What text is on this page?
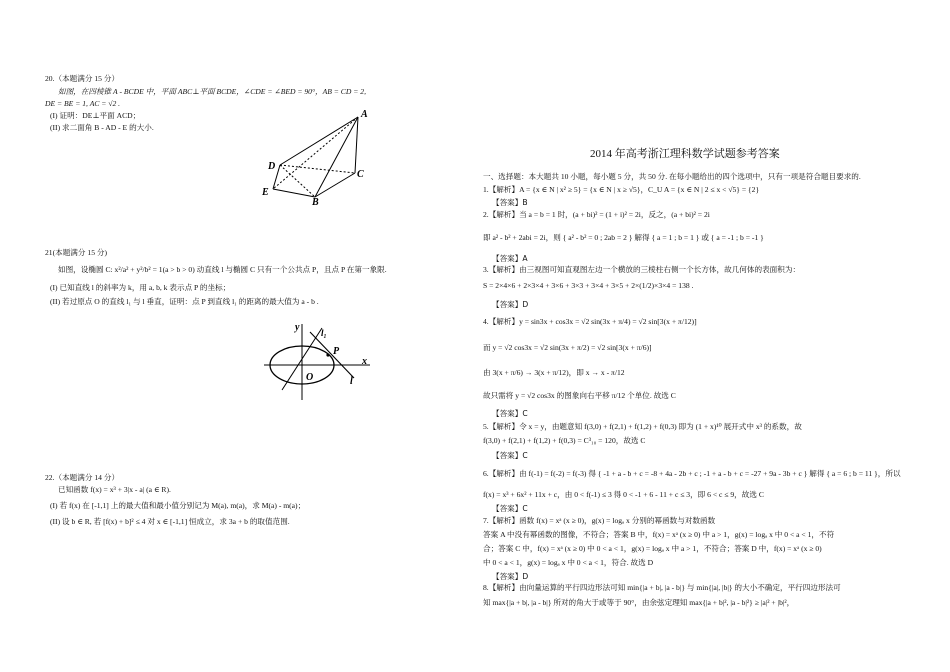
20.（本题满分 15 分）
如图，在四棱锥 A - BCDE 中，平面 ABC⊥平面 BCDE，∠CDE = ∠BED = 90°，AB = CD = 2,
DE = BE = 1, AC = √2 .
(I) 证明：DE⊥平面 ACD；
(II) 求二面角 B - AD - E 的大小.
A
D
C
E
B
21(本题满分 15 分)
如图，设椭圆 C: x²/a² + y²/b² = 1(a > b > 0) 动直线 l 与椭圆 C 只有一个公共点 P，且点 P 在第一象限.
(I) 已知直线 l 的斜率为 k，用 a, b, k 表示点 P 的坐标；
(II) 若过原点 O 的直线 l₁ 与 l 垂直，证明：点 P 到直线 l₁ 的距离的最大值为 a - b .
y l₁
P
x
O	l
22.（本题满分 14 分）
已知函数 f(x) = x³ + 3|x - a| (a ∈ R).
(I) 若 f(x) 在 [-1,1] 上的最大值和最小值分别记为 M(a), m(a)，求 M(a) - m(a)；
(II) 设 b ∈ R, 若 [f(x) + b]² ≤ 4 对 x ∈ [-1,1] 恒成立，求 3a + b 的取值范围.
2014 年高考浙江理科数学试题参考答案
一、选择题：本大题共 10 小题，每小题 5 分，共 50 分. 在每小题给出的四个选项中，只有一项是符合题目要求的.
1.【解析】A = {x ∈ N | x² ≥ 5} = {x ∈ N | x ≥ √5}，C_U A = {x ∈ N | 2 ≤ x < √5} = {2}
【答案】B
2.【解析】当 a = b = 1 时，(a + bi)² = (1 + i)² = 2i，反之，(a + bi)² = 2i
即 a² - b² + 2abi = 2i，则 { a² - b² = 0 ; 2ab = 2 } 解得 { a = 1 ; b = 1 } 或 { a = -1 ; b = -1 }
【答案】A
3.【解析】由三视图可知直观图左边一个横放的三棱柱右侧一个长方体，故几何体的表面积为：
S = 2×4×6 + 2×3×4 + 3×6 + 3×3 + 3×4 + 3×5 + 2×(1/2)×3×4 = 138 .
【答案】D
4.【解析】y = sin3x + cos3x = √2 sin(3x + π/4) = √2 sin[3(x + π/12)]
而 y = √2 cos3x = √2 sin(3x + π/2) = √2 sin[3(x + π/6)]
由 3(x + π/6) → 3(x + π/12)，即 x → x - π/12
故只需将 y = √2 cos3x 的图象向右平移 π/12 个单位. 故选 C
【答案】C
5.【解析】令 x = y，由题意知 f(3,0) + f(2,1) + f(1,2) + f(0,3) 即为 (1 + x)¹⁰ 展开式中 x³ 的系数，故
f(3,0) + f(2,1) + f(1,2) + f(0,3) = C³₁₀ = 120，故选 C
【答案】C
6.【解析】由 f(-1) = f(-2) = f(-3) 得 { -1 + a - b + c = -8 + 4a - 2b + c ; -1 + a - b + c = -27 + 9a - 3b + c } 解得 { a = 6 ; b = 11 }，所以
f(x) = x³ + 6x² + 11x + c，由 0 < f(-1) ≤ 3 得 0 < -1 + 6 - 11 + c ≤ 3，即 6 < c ≤ 9，故选 C
【答案】C
7.【解析】函数 f(x) = xᵃ (x ≥ 0)，g(x) = logₐ x 分别的幂函数与对数函数
答案 A 中没有幂函数的图像，不符合；答案 B 中，f(x) = xᵃ (x ≥ 0) 中 a > 1，g(x) = logₐ x 中 0 < a < 1，不符
合；答案 C 中，f(x) = xᵃ (x ≥ 0) 中 0 < a < 1，g(x) = logₐ x 中 a > 1，不符合；答案 D 中，f(x) = xᵃ (x ≥ 0)
中 0 < a < 1，g(x) = logₐ x 中 0 < a < 1，符合. 故选 D
【答案】D
8.【解析】由向量运算的平行四边形法可知 min{|a + b|, |a - b|} 与 min{|a|, |b|} 的大小不确定，平行四边形法可
知 max{|a + b|, |a - b|} 所对的角大于或等于 90°，由余弦定理知 max{|a + b|², |a - b|²} ≥ |a|² + |b|²，
